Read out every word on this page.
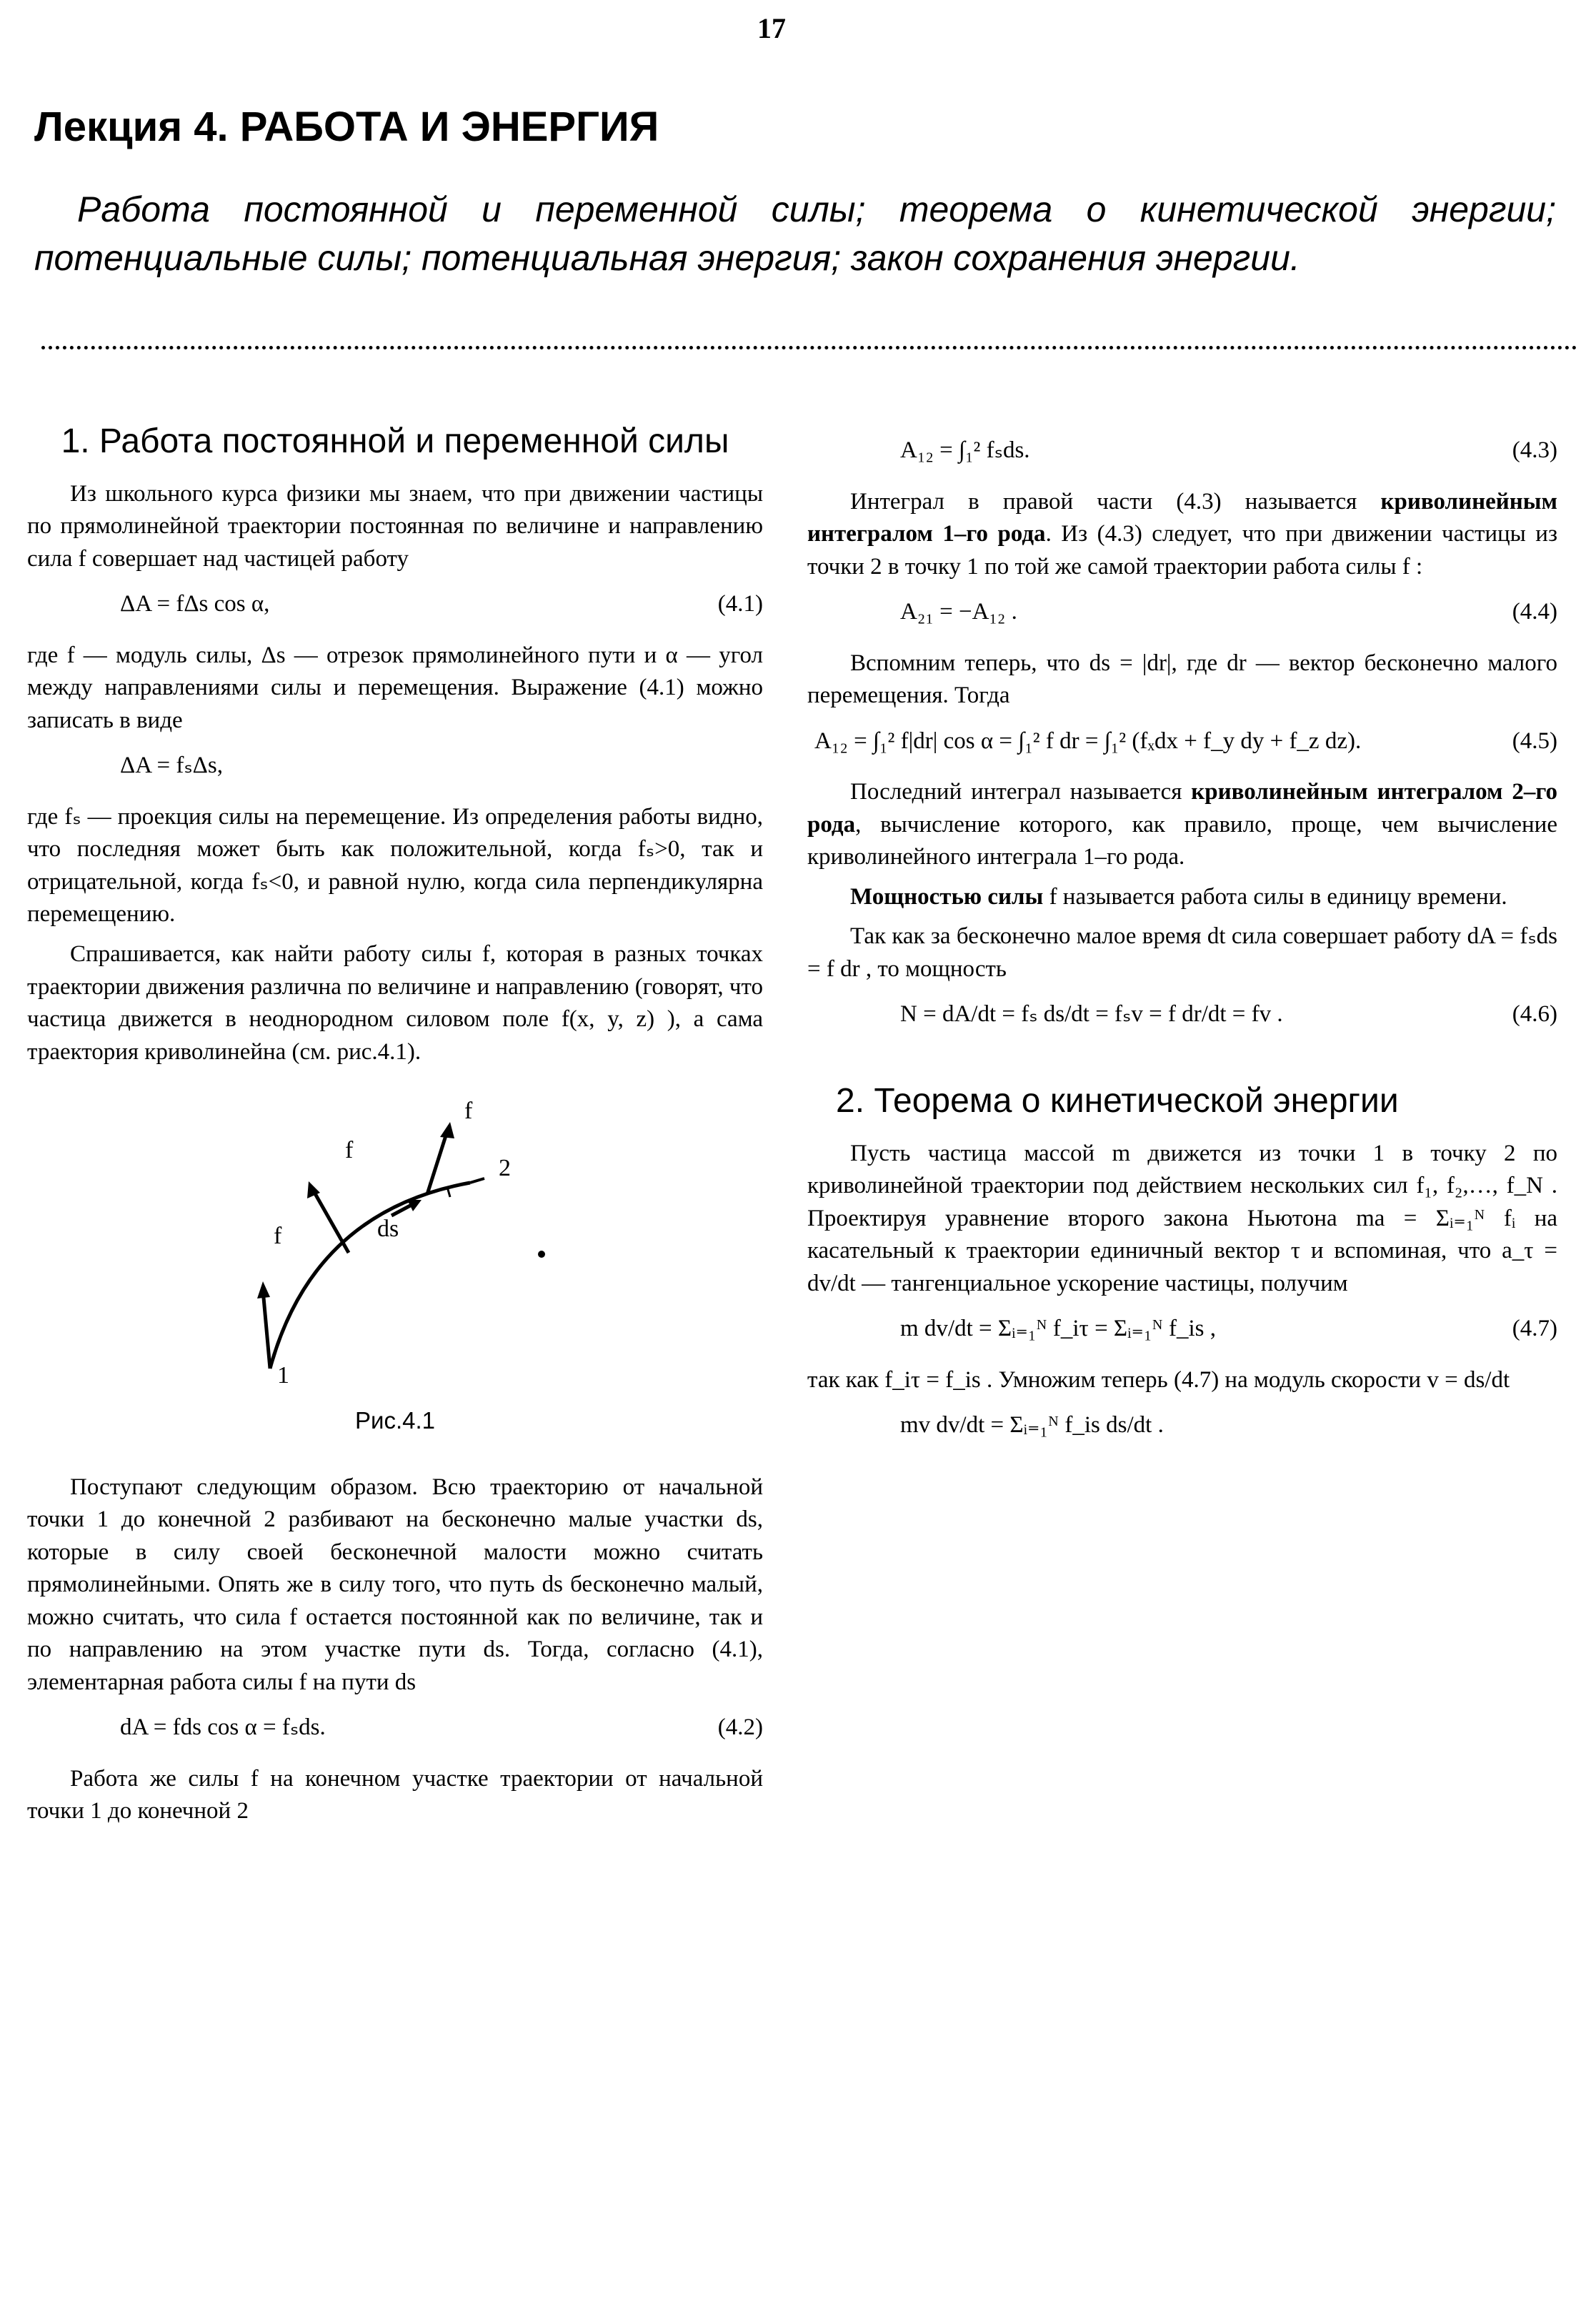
17
Лекция 4. РАБОТА И ЭНЕРГИЯ

Работа постоянной и переменной силы; теорема о кинетической энергии; потенциальные силы; потенциальная энергия; закон сохранения энергии.

1. Работа постоянной и переменной силы

Из школьного курса физики мы знаем, что при движении частицы по прямолинейной траектории постоянная по величине и направлению сила f совершает над частицей работу

ΔA = fΔs cos α,	(4.1)

где f — модуль силы, Δs — отрезок прямолинейного пути и α — угол между направлениями силы и перемещения. Выражение (4.1) можно записать в виде

ΔA = fₛΔs,

где fₛ — проекция силы на перемещение. Из определения работы видно, что последняя может быть как положительной, когда fₛ>0, так и отрицательной, когда fₛ<0, и равной нулю, когда сила перпендикулярна перемещению.

Спрашивается, как найти работу силы f, которая в разных точках траектории движения различна по величине и направлению (говорят, что частица движется в неоднородном силовом поле f(x, y, z) ), а сама траектория криволинейна (см. рис.4.1).

f
f
f
ds
1
2
Рис.4.1

Поступают следующим образом. Всю траекторию от начальной точки 1 до конечной 2 разбивают на бесконечно малые участки ds, которые в силу своей бесконечной малости можно считать прямолинейными. Опять же в силу того, что путь ds бесконечно малый, можно считать, что сила f остается постоянной как по величине, так и по направлению на этом участке пути ds. Тогда, согласно (4.1), элементарная работа силы f на пути ds

dA = fds cos α = fₛds.	(4.2)

Работа же силы f на конечном участке траектории от начальной точки 1 до конечной 2

A₁₂ = ∫₁² fₛds.	(4.3)

Интеграл в правой части (4.3) называется криволинейным интегралом 1–го рода. Из (4.3) следует, что при движении частицы из точки 2 в точку 1 по той же самой траектории работа силы f :

A₂₁ = −A₁₂ .	(4.4)

Вспомним теперь, что ds = |dr|, где dr — вектор бесконечно малого перемещения. Тогда

A₁₂ = ∫₁² f|dr| cos α = ∫₁² f dr = ∫₁² (fₓdx + f_y dy + f_z dz).	(4.5)

Последний интеграл называется криволинейным интегралом 2–го рода, вычисление которого, как правило, проще, чем вычисление криволинейного интеграла 1–го рода.

Мощностью силы f называется работа силы в единицу времени.

Так как за бесконечно малое время dt сила совершает работу dA = fₛds = f dr , то мощность

N = dA/dt = fₛ ds/dt = fₛv = f dr/dt = fv .	(4.6)
2. Теорема о кинетической энергии

Пусть частица массой m движется из точки 1 в точку 2 по криволинейной траектории под действием нескольких сил f₁, f₂,…, f_N . Проектируя уравнение второго закона Ньютона ma = Σᵢ₌₁ᴺ fᵢ на касательный к траектории единичный вектор τ и вспоминая, что a_τ = dv/dt — тангенциальное ускорение частицы, получим

m dv/dt = Σᵢ₌₁ᴺ f_iτ = Σᵢ₌₁ᴺ f_is ,	(4.7)

так как f_iτ = f_is . Умножим теперь (4.7) на модуль скорости v = ds/dt

mv dv/dt = Σᵢ₌₁ᴺ f_is ds/dt .
